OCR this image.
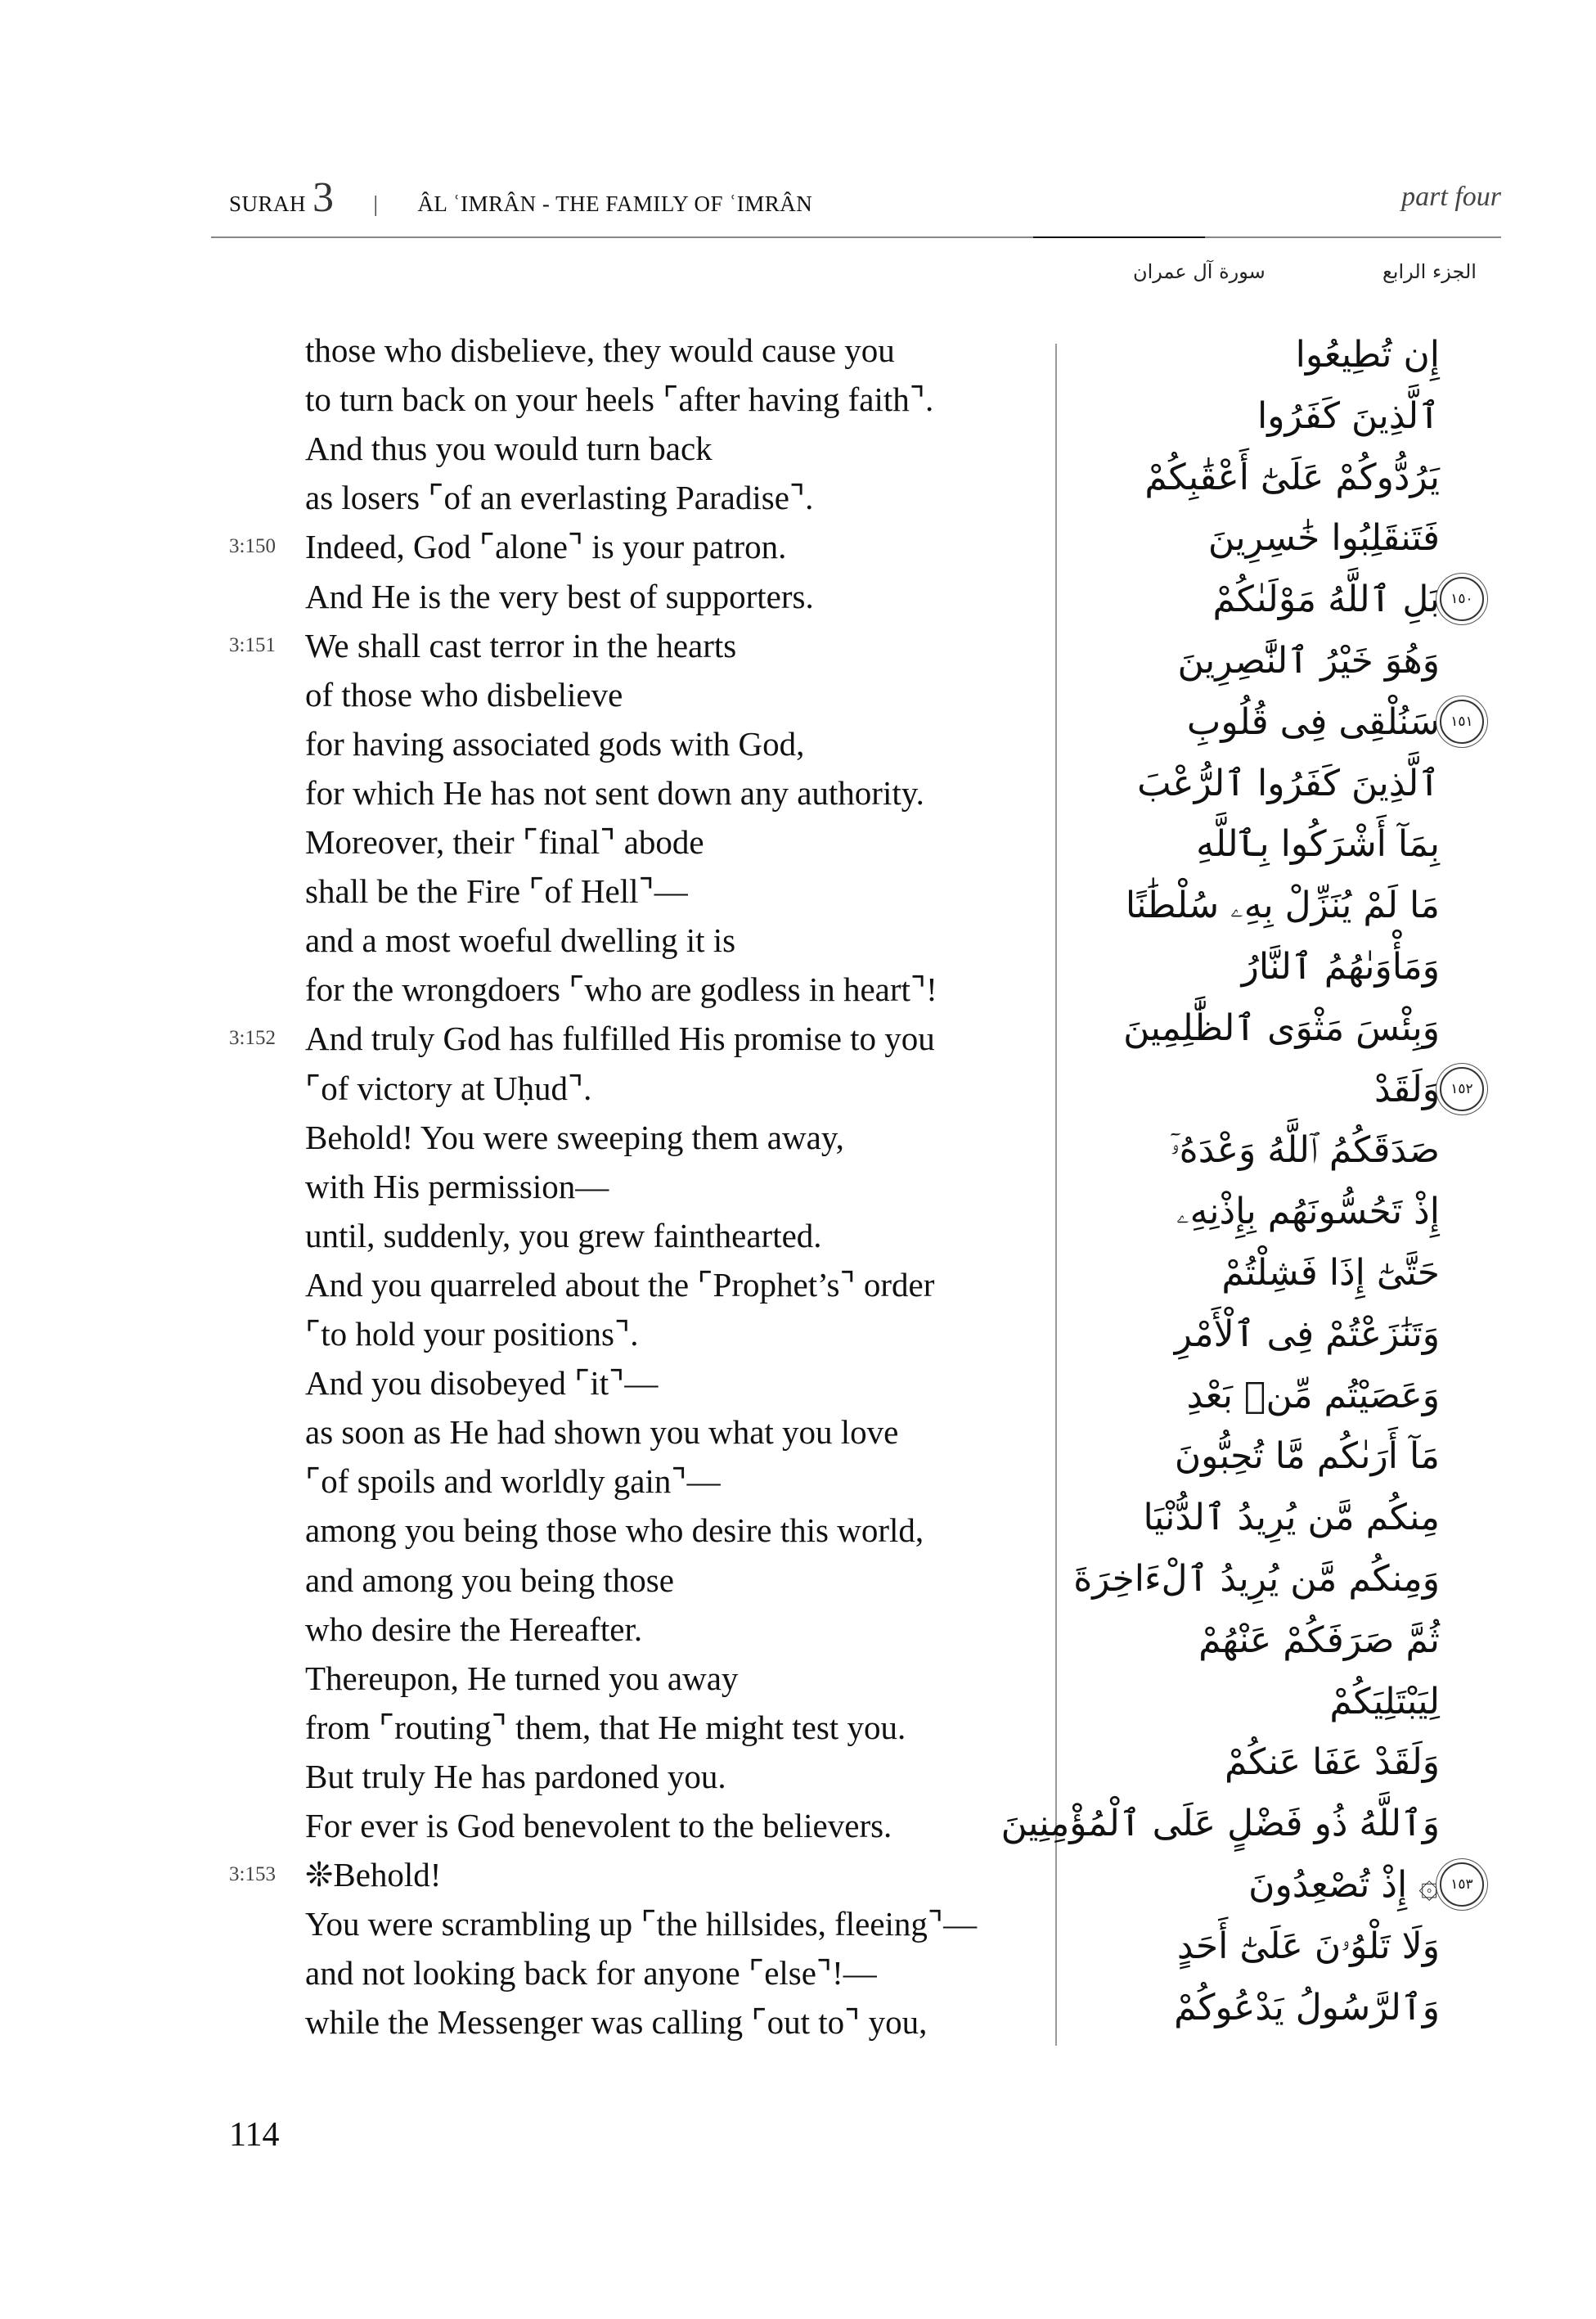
SURAH 3 | ÂL ʿIMRÂN - THE FAMILY OF ʿIMRÂN	part four
سورة آل عمران	الجزء الرابع
those who disbelieve, they would cause you
to turn back on your heels ⌜after having faith⌝.
And thus you would turn back
as losers ⌜of an everlasting Paradise⌝.
3:150 Indeed, God ⌜alone⌝ is your patron.
And He is the very best of supporters.
3:151 We shall cast terror in the hearts
of those who disbelieve
for having associated gods with God,
for which He has not sent down any authority.
Moreover, their ⌜final⌝ abode
shall be the Fire ⌜of Hell⌝—
and a most woeful dwelling it is
for the wrongdoers ⌜who are godless in heart⌝!
3:152 And truly God has fulfilled His promise to you
⌜of victory at Uḥud⌝.
Behold! You were sweeping them away,
with His permission—
until, suddenly, you grew fainthearted.
And you quarreled about the ⌜Prophet’s⌝ order
⌜to hold your positions⌝.
And you disobeyed ⌜it⌝—
as soon as He had shown you what you love
⌜of spoils and worldly gain⌝—
among you being those who desire this world,
and among you being those
who desire the Hereafter.
Thereupon, He turned you away
from ⌜routing⌝ them, that He might test you.
But truly He has pardoned you.
For ever is God benevolent to the believers.
3:153 ❊Behold!
You were scrambling up ⌜the hillsides, fleeing⌝—
and not looking back for anyone ⌜else⌝!—
while the Messenger was calling ⌜out to⌝ you,
إِن تُطِيعُوا
ٱلَّذِينَ كَفَرُوا
يَرُدُّوكُمْ عَلَىٰٓ أَعْقَٰبِكُمْ
فَتَنقَلِبُوا خَٰسِرِينَ
بَلِ ٱللَّهُ مَوْلَىٰكُمْ ١٥٠
وَهُوَ خَيْرُ ٱلنَّٰصِرِينَ
سَنُلْقِى فِى قُلُوبِ ١٥١
ٱلَّذِينَ كَفَرُوا ٱلرُّعْبَ
بِمَآ أَشْرَكُوا بِٱللَّهِ
مَا لَمْ يُنَزِّلْ بِهِۦ سُلْطَٰنًا
وَمَأْوَىٰهُمُ ٱلنَّارُ
وَبِئْسَ مَثْوَى ٱلظَّٰلِمِينَ
وَلَقَدْ ١٥٢
صَدَقَكُمُ ٱللَّهُ وَعْدَهُۥٓ
إِذْ تَحُسُّونَهُم بِإِذْنِهِۦ
حَتَّىٰٓ إِذَا فَشِلْتُمْ
وَتَنَٰزَعْتُمْ فِى ٱلْأَمْرِ
وَعَصَيْتُم مِّنۢ بَعْدِ
مَآ أَرَىٰكُم مَّا تُحِبُّونَ
مِنكُم مَّن يُرِيدُ ٱلدُّنْيَا
وَمِنكُم مَّن يُرِيدُ ٱلْءَاخِرَةَ
ثُمَّ صَرَفَكُمْ عَنْهُمْ
لِيَبْتَلِيَكُمْ
وَلَقَدْ عَفَا عَنكُمْ
وَٱللَّهُ ذُو فَضْلٍ عَلَى ٱلْمُؤْمِنِينَ
۞ إِذْ تُصْعِدُونَ ١٥٣
وَلَا تَلْوُۥنَ عَلَىٰٓ أَحَدٍ
وَٱلرَّسُولُ يَدْعُوكُمْ
114
